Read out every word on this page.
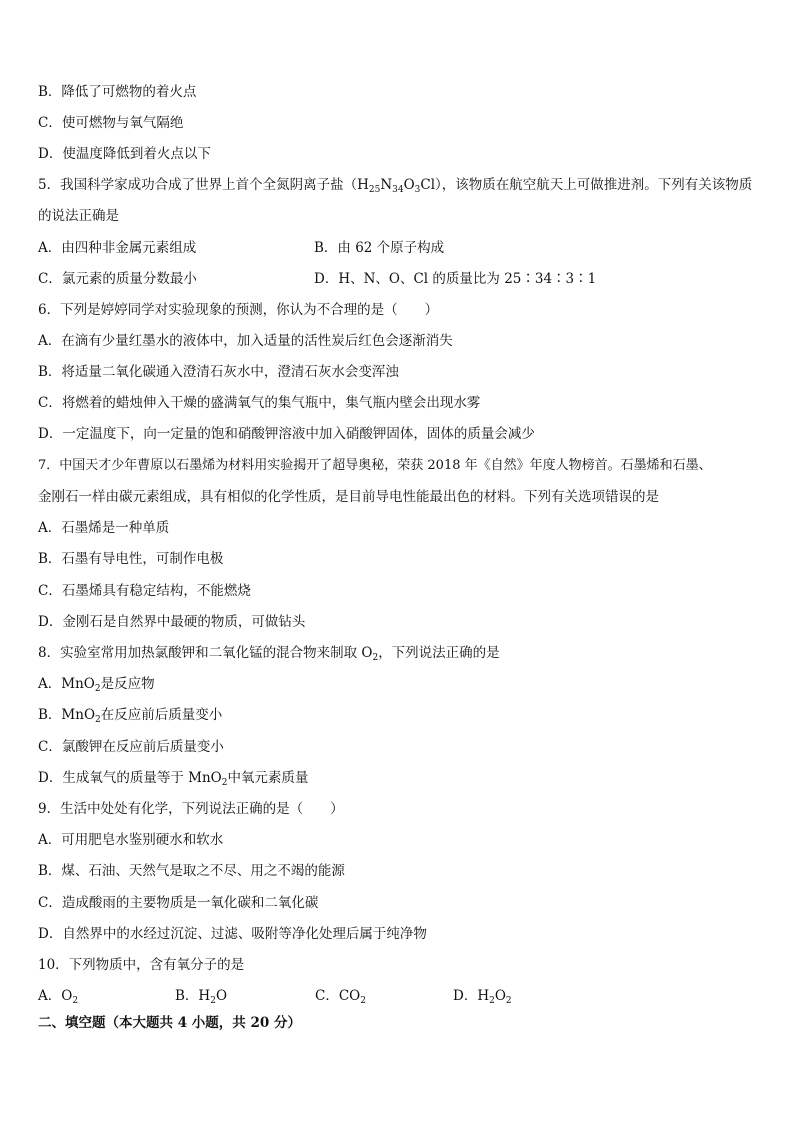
B．降低了可燃物的着火点
C．使可燃物与氧气隔绝
D．使温度降低到着火点以下
5．我国科学家成功合成了世界上首个全氮阴离子盐$(H_{25}N_{34}O_3Cl)$，该物质在航空航天上可做推进剂。下列有关该物质
的说法正确是
A．由四种非金属元素组成	B．由 62 个原子构成
C．氯元素的质量分数最小	D．H、N、O、Cl 的质量比为 25∶34∶3∶1
6．下列是婷婷同学对实验现象的预测，你认为不合理的是（　　）
A．在滴有少量红墨水的液体中，加入适量的活性炭后红色会逐渐消失
B．将适量二氧化碳通入澄清石灰水中，澄清石灰水会变浑浊
C．将燃着的蜡烛伸入干燥的盛满氧气的集气瓶中，集气瓶内壁会出现水雾
D．一定温度下，向一定量的饱和硝酸钾溶液中加入硝酸钾固体，固体的质量会减少
7．中国天才少年曹原以石墨烯为材料用实验揭开了超导奥秘，荣获 2018 年《自然》年度人物榜首。石墨烯和石墨、
金刚石一样由碳元素组成，具有相似的化学性质，是目前导电性能最出色的材料。下列有关选项错误的是
A．石墨烯是一种单质
B．石墨有导电性，可制作电极
C．石墨烯具有稳定结构，不能燃烧
D．金刚石是自然界中最硬的物质，可做钻头
8．实验室常用加热氯酸钾和二氧化锰的混合物来制取 $O_2$，下列说法正确的是
A．MnO$_2$是反应物
B．MnO$_2$在反应前后质量变小
C．氯酸钾在反应前后质量变小
D．生成氧气的质量等于 MnO$_2$中氧元素质量
9．生活中处处有化学，下列说法正确的是（　　）
A．可用肥皂水鉴别硬水和软水
B．煤、石油、天然气是取之不尽、用之不竭的能源
C．造成酸雨的主要物质是一氧化碳和二氧化碳
D．自然界中的水经过沉淀、过滤、吸附等净化处理后属于纯净物
10．下列物质中，含有氧分子的是
A．$O_2$	B．$H_2O$	C．$CO_2$	D．$H_2O_2$
二、填空题（本大题共 4 小题，共 20 分）
